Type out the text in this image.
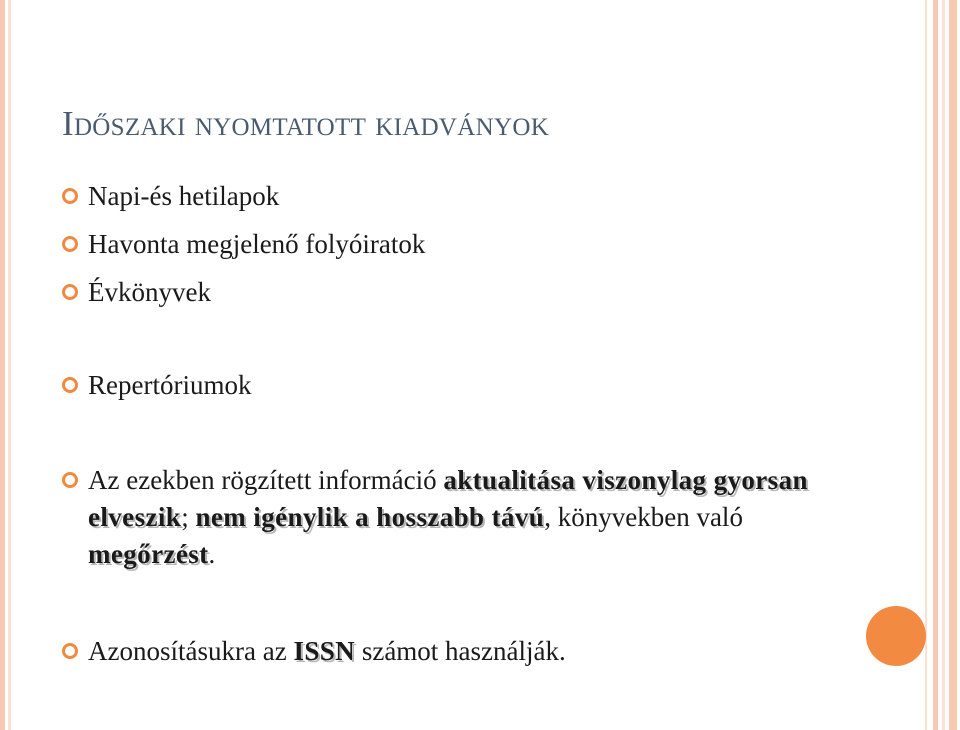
Időszaki nyomtatott kiadványok
Napi-és hetilapok
Havonta megjelenő folyóiratok
Évkönyvek
Repertóriumok
Az ezekben rögzített információ aktualitása viszonylag gyorsan elveszik; nem igénylik a hosszabb távú, könyvekben való megőrzést.
Azonosításukra az ISSN számot használják.
